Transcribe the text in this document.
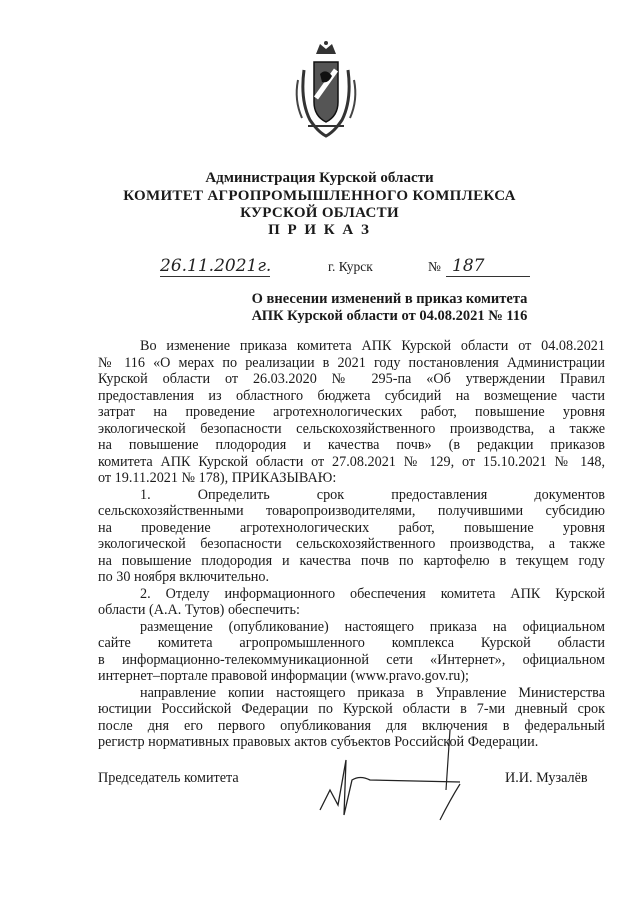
Администрация Курской области
КОМИТЕТ АГРОПРОМЫШЛЕННОГО КОМПЛЕКСА
КУРСКОЙ ОБЛАСТИ
П Р И К А З
26.11.2021г.	г. Курск	№ 187
О внесении изменений в приказ комитета
АПК Курской области от 04.08.2021 № 116
Во изменение приказа комитета АПК Курской области от 04.08.2021
№ 116 «О мерах по реализации в 2021 году постановления Администрации
Курской области от 26.03.2020 № 295-па «Об утверждении Правил
предоставления из областного бюджета субсидий на возмещение части
затрат на проведение агротехнологических работ, повышение уровня
экологической безопасности сельскохозяйственного производства, а также
на повышение плодородия и качества почв» (в редакции приказов
комитета АПК Курской области от 27.08.2021 № 129, от 15.10.2021 № 148,
от 19.11.2021 № 178), ПРИКАЗЫВАЮ:
1. Определить срок предоставления документов
сельскохозяйственными товаропроизводителями, получившими субсидию
на проведение агротехнологических работ, повышение уровня
экологической безопасности сельскохозяйственного производства, а также
на повышение плодородия и качества почв по картофелю в текущем году
по 30 ноября включительно.
2. Отделу информационного обеспечения комитета АПК Курской
области (А.А. Тутов) обеспечить:
размещение (опубликование) настоящего приказа на официальном
сайте комитета агропромышленного комплекса Курской области
в информационно-телекоммуникационной сети «Интернет», официальном
интернет–портале правовой информации (www.pravo.gov.ru);
направление копии настоящего приказа в Управление Министерства
юстиции Российской Федерации по Курской области в 7-ми дневный срок
после дня его первого опубликования для включения в федеральный
регистр нормативных правовых актов субъектов Российской Федерации.
Председатель комитета	И.И. Музалёв
